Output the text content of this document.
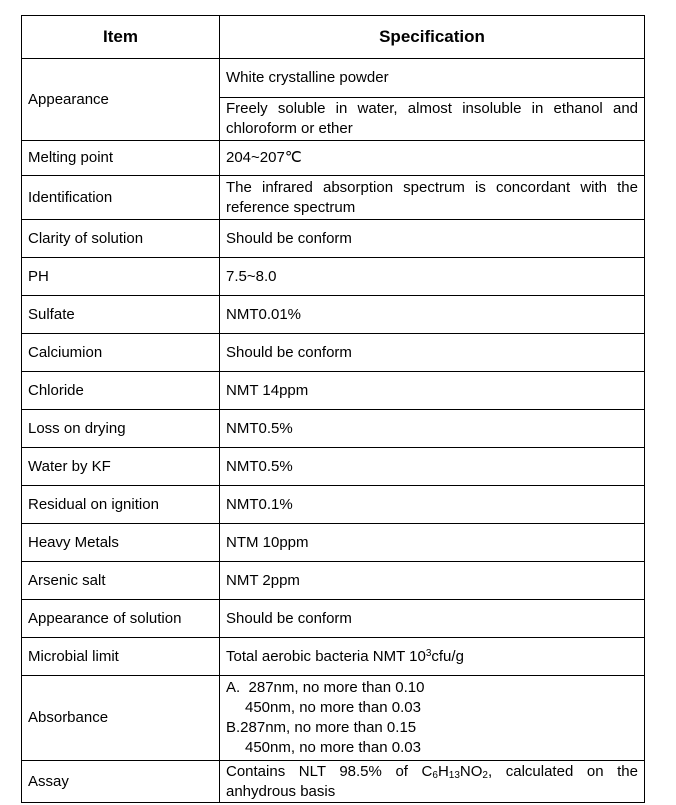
Item	Specification
Appearance	White crystalline powder
	Freely soluble in water, almost insoluble in ethanol and chloroform or ether
Melting point	204~207℃
Identification	The infrared absorption spectrum is concordant with the reference spectrum
Clarity of solution	Should be conform
PH	7.5~8.0
Sulfate	NMT0.01%
Calciumion	Should be conform
Chloride	NMT 14ppm
Loss on drying	NMT0.5%
Water by KF	NMT0.5%
Residual on ignition	NMT0.1%
Heavy Metals	NTM 10ppm
Arsenic salt	NMT 2ppm
Appearance of solution	Should be conform
Microbial limit	Total aerobic bacteria NMT $10^3cfu/g$
Absorbance	A.  287nm, no more than 0.10
450nm, no more than 0.03
B.287nm, no more than 0.15
450nm, no more than 0.03

Assay	Contains NLT 98.5% of $C_6H_{13}NO_2$, calculated on the anhydrous basis
